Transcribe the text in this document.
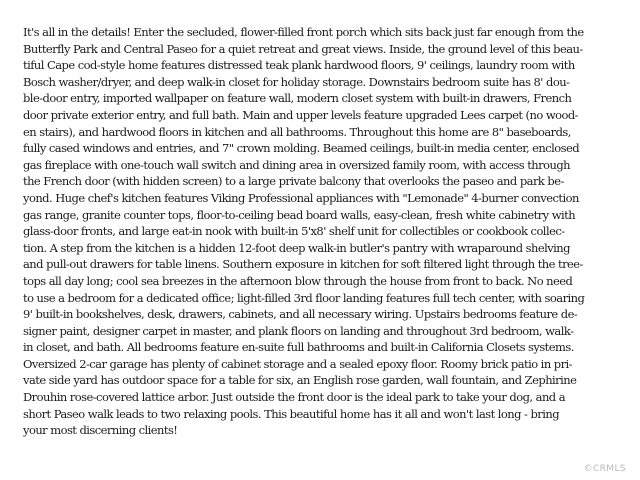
It's all in the details! Enter the secluded, flower-filled front porch which sits back just far enough from the
Butterfly Park and Central Paseo for a quiet retreat and great views. Inside, the ground level of this beau-
tiful Cape cod-style home features distressed teak plank hardwood floors, 9' ceilings, laundry room with
Bosch washer/dryer, and deep walk-in closet for holiday storage. Downstairs bedroom suite has 8' dou-
ble-door entry, imported wallpaper on feature wall, modern closet system with built-in drawers, French
door private exterior entry, and full bath. Main and upper levels feature upgraded Lees carpet (no wood-
en stairs), and hardwood floors in kitchen and all bathrooms. Throughout this home are 8" baseboards,
fully cased windows and entries, and 7" crown molding. Beamed ceilings, built-in media center, enclosed
gas fireplace with one-touch wall switch and dining area in oversized family room, with access through
the French door (with hidden screen) to a large private balcony that overlooks the paseo and park be-
yond. Huge chef's kitchen features Viking Professional appliances with "Lemonade" 4-burner convection
gas range, granite counter tops, floor-to-ceiling bead board walls, easy-clean, fresh white cabinetry with
glass-door fronts, and large eat-in nook with built-in 5'x8' shelf unit for collectibles or cookbook collec-
tion. A step from the kitchen is a hidden 12-foot deep walk-in butler's pantry with wraparound shelving
and pull-out drawers for table linens. Southern exposure in kitchen for soft filtered light through the tree-
tops all day long; cool sea breezes in the afternoon blow through the house from front to back. No need
to use a bedroom for a dedicated office; light-filled 3rd floor landing features full tech center, with soaring
9' built-in bookshelves, desk, drawers, cabinets, and all necessary wiring. Upstairs bedrooms feature de-
signer paint, designer carpet in master, and plank floors on landing and throughout 3rd bedroom, walk-
in closet, and bath. All bedrooms feature en-suite full bathrooms and built-in California Closets systems.
Oversized 2-car garage has plenty of cabinet storage and a sealed epoxy floor. Roomy brick patio in pri-
vate side yard has outdoor space for a table for six, an English rose garden, wall fountain, and Zephirine
Drouhin rose-covered lattice arbor. Just outside the front door is the ideal park to take your dog, and a
short Paseo walk leads to two relaxing pools. This beautiful home has it all and won't last long - bring
your most discerning clients!

©CRMLS
